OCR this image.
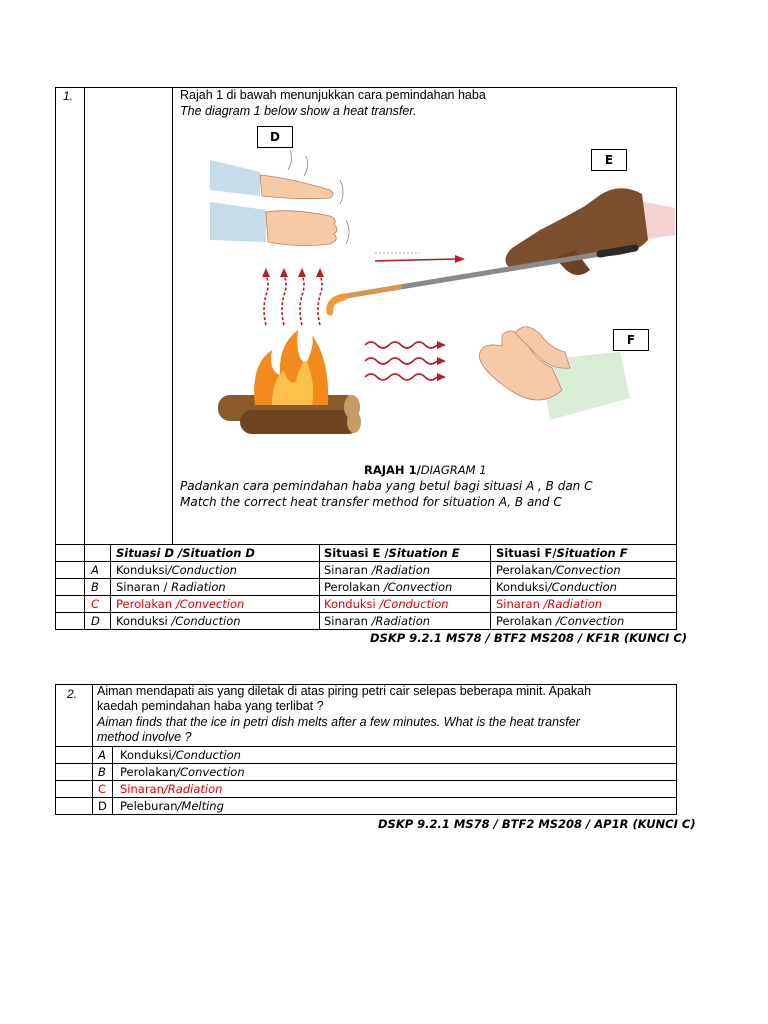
1.	Rajah 1 di bawah menunjukkan cara pemindahan haba
The diagram 1 below show a heat transfer.
D
E
F
RAJAH 1/DIAGRAM 1
Padankan cara pemindahan haba yang betul bagi situasi A , B dan C
Match the correct heat transfer method for situation A, B and C
Situasi D /Situation D	Situasi E /Situation E	Situasi F/Situation F
A Konduksi/Conduction	Sinaran /Radiation	Perolakan/Convection
B Sinaran / Radiation	Perolakan /Convection	Konduksi/Conduction
C Perolakan /Convection	Konduksi /Conduction	Sinaran /Radiation
D Konduksi /Conduction	Sinaran /Radiation	Perolakan /Convection
DSKP 9.2.1 MS78 / BTF2 MS208 / KF1R (KUNCI C)
2. Aiman mendapati ais yang diletak di atas piring petri cair selepas beberapa minit. Apakah
kaedah pemindahan haba yang terlibat ?
Aiman finds that the ice in petri dish melts after a few minutes. What is the heat transfer
method involve ?
A Konduksi/Conduction
B Perolakan/Convection
C Sinaran/Radiation
D Peleburan/Melting
DSKP 9.2.1 MS78 / BTF2 MS208 / AP1R (KUNCI C)
